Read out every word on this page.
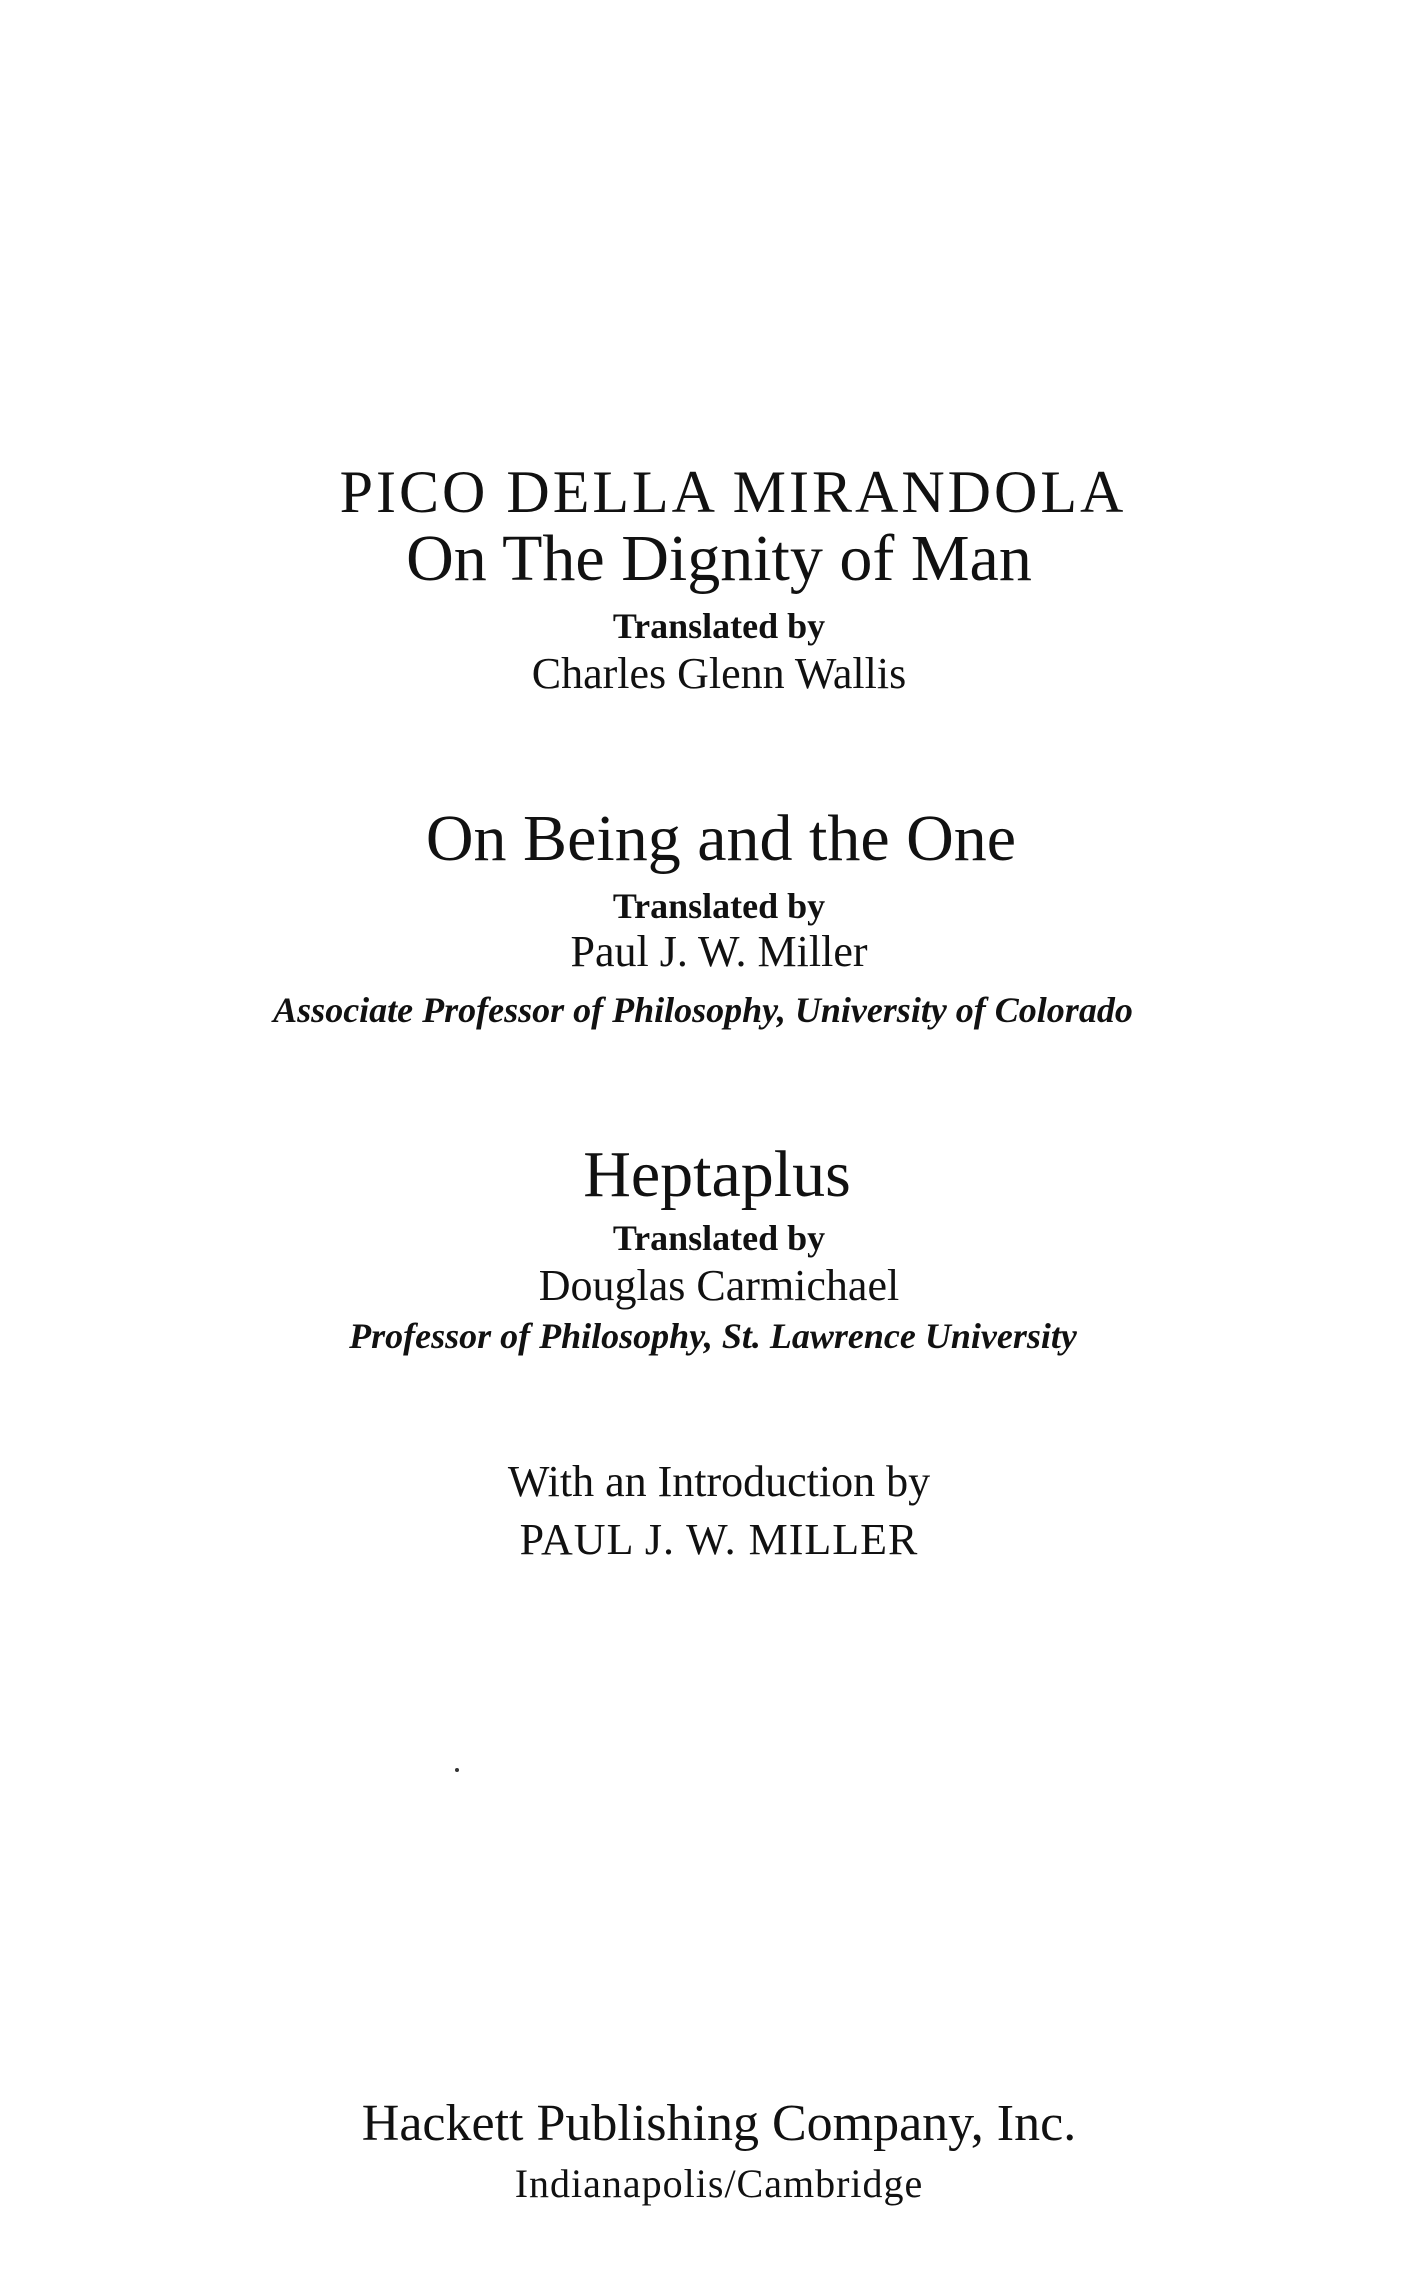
PICO DELLA MIRANDOLA
On The Dignity of Man
Translated by
Charles Glenn Wallis
On Being and the One
Translated by
Paul J. W. Miller
Associate Professor of Philosophy, University of Colorado
Heptaplus
Translated by
Douglas Carmichael
Professor of Philosophy, St. Lawrence University
With an Introduction by
PAUL J. W. MILLER
Hackett Publishing Company, Inc.
Indianapolis/Cambridge
